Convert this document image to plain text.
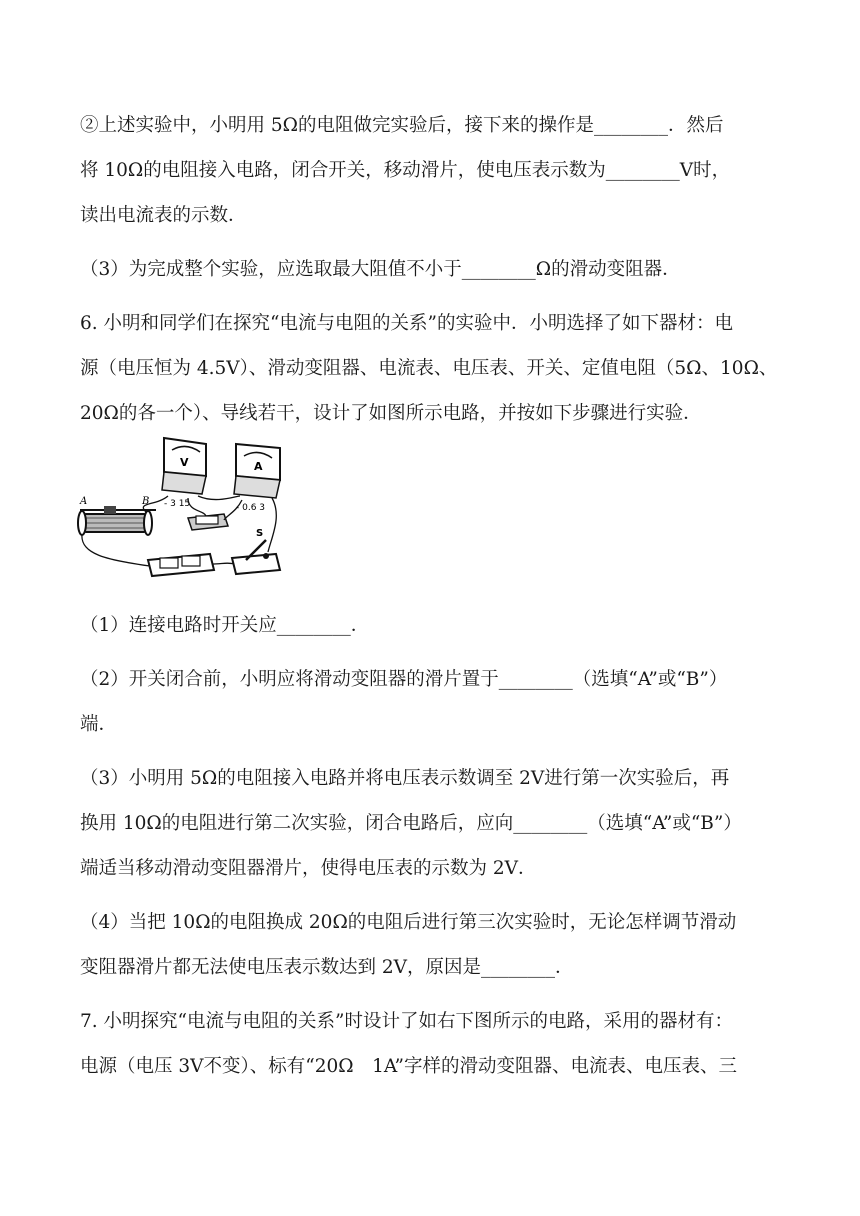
②上述实验中，小明用 5Ω的电阻做完实验后，接下来的操作是________．然后
将 10Ω的电阻接入电路，闭合开关，移动滑片，使电压表示数为________V时，
读出电流表的示数．
（3）为完成整个实验，应选取最大阻值不小于________Ω的滑动变阻器．
6. 小明和同学们在探究“电流与电阻的关系”的实验中．小明选择了如下器材：电
源（电压恒为 4.5V）、滑动变阻器、电流表、电压表、开关、定值电阻（5Ω、10Ω、
20Ω的各一个）、导线若干，设计了如图所示电路，并按如下步骤进行实验．
V
- 3 15
A
- 0.6 3
A	B
S
（1）连接电路时开关应________．
（2）开关闭合前，小明应将滑动变阻器的滑片置于________（选填“A”或“B”）
端．
（3）小明用 5Ω的电阻接入电路并将电压表示数调至 2V进行第一次实验后，再
换用 10Ω的电阻进行第二次实验，闭合电路后，应向________（选填“A”或“B”）
端适当移动滑动变阻器滑片，使得电压表的示数为 2V．
（4）当把 10Ω的电阻换成 20Ω的电阻后进行第三次实验时，无论怎样调节滑动
变阻器滑片都无法使电压表示数达到 2V，原因是________．
7. 小明探究“电流与电阻的关系”时设计了如右下图所示的电路，采用的器材有：
电源（电压 3V不变）、标有“20Ω　1A”字样的滑动变阻器、电流表、电压表、三
